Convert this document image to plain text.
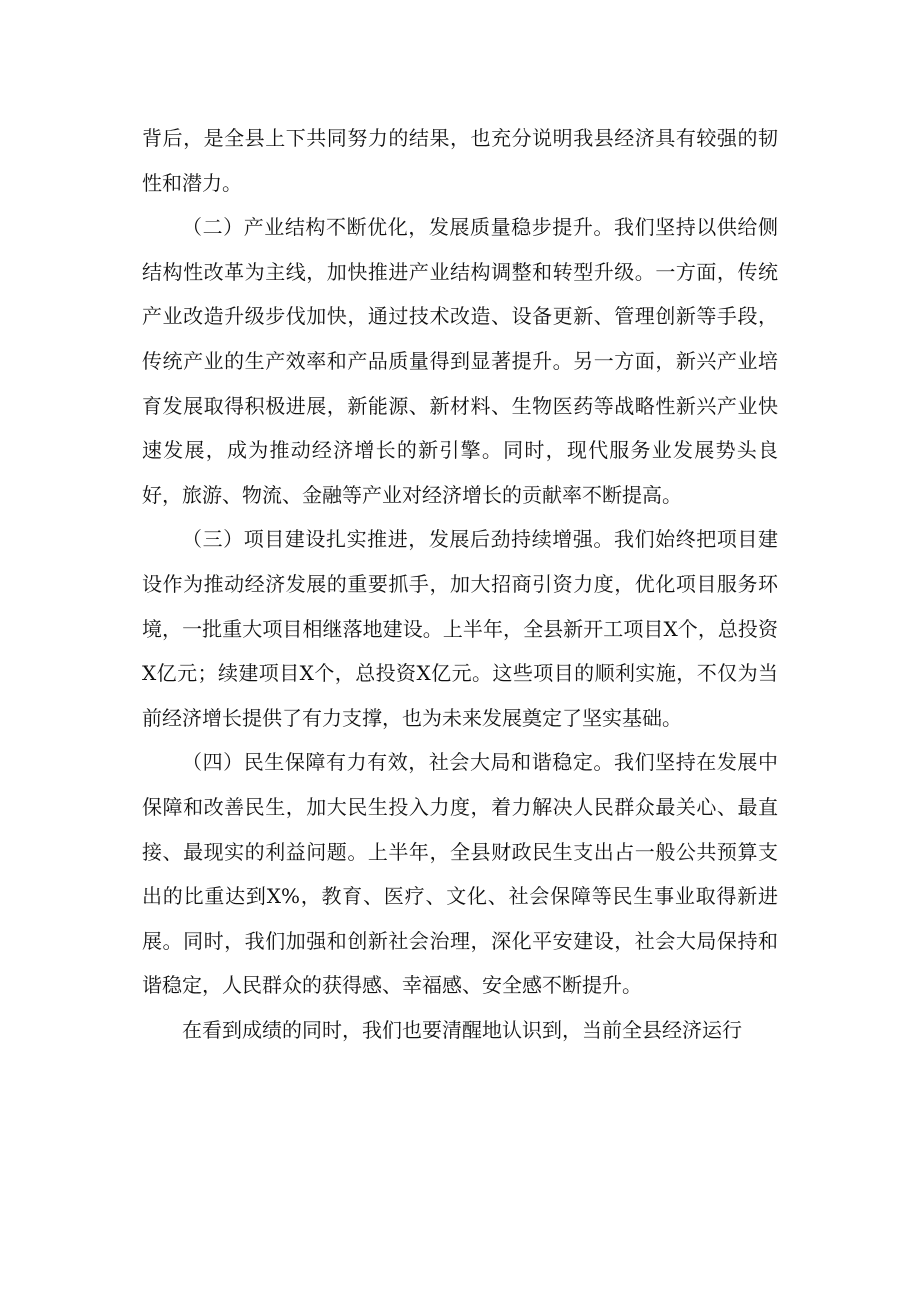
背后，是全县上下共同努力的结果，也充分说明我县经济具有较强的韧性和潜力。

（二）产业结构不断优化，发展质量稳步提升。我们坚持以供给侧结构性改革为主线，加快推进产业结构调整和转型升级。一方面，传统产业改造升级步伐加快，通过技术改造、设备更新、管理创新等手段，传统产业的生产效率和产品质量得到显著提升。另一方面，新兴产业培育发展取得积极进展，新能源、新材料、生物医药等战略性新兴产业快速发展，成为推动经济增长的新引擎。同时，现代服务业发展势头良好，旅游、物流、金融等产业对经济增长的贡献率不断提高。

（三）项目建设扎实推进，发展后劲持续增强。我们始终把项目建设作为推动经济发展的重要抓手，加大招商引资力度，优化项目服务环境，一批重大项目相继落地建设。上半年，全县新开工项目X个，总投资X亿元；续建项目X个，总投资X亿元。这些项目的顺利实施，不仅为当前经济增长提供了有力支撑，也为未来发展奠定了坚实基础。

（四）民生保障有力有效，社会大局和谐稳定。我们坚持在发展中保障和改善民生，加大民生投入力度，着力解决人民群众最关心、最直接、最现实的利益问题。上半年，全县财政民生支出占一般公共预算支出的比重达到X%，教育、医疗、文化、社会保障等民生事业取得新进展。同时，我们加强和创新社会治理，深化平安建设，社会大局保持和谐稳定，人民群众的获得感、幸福感、安全感不断提升。

在看到成绩的同时，我们也要清醒地认识到，当前全县经济运行
